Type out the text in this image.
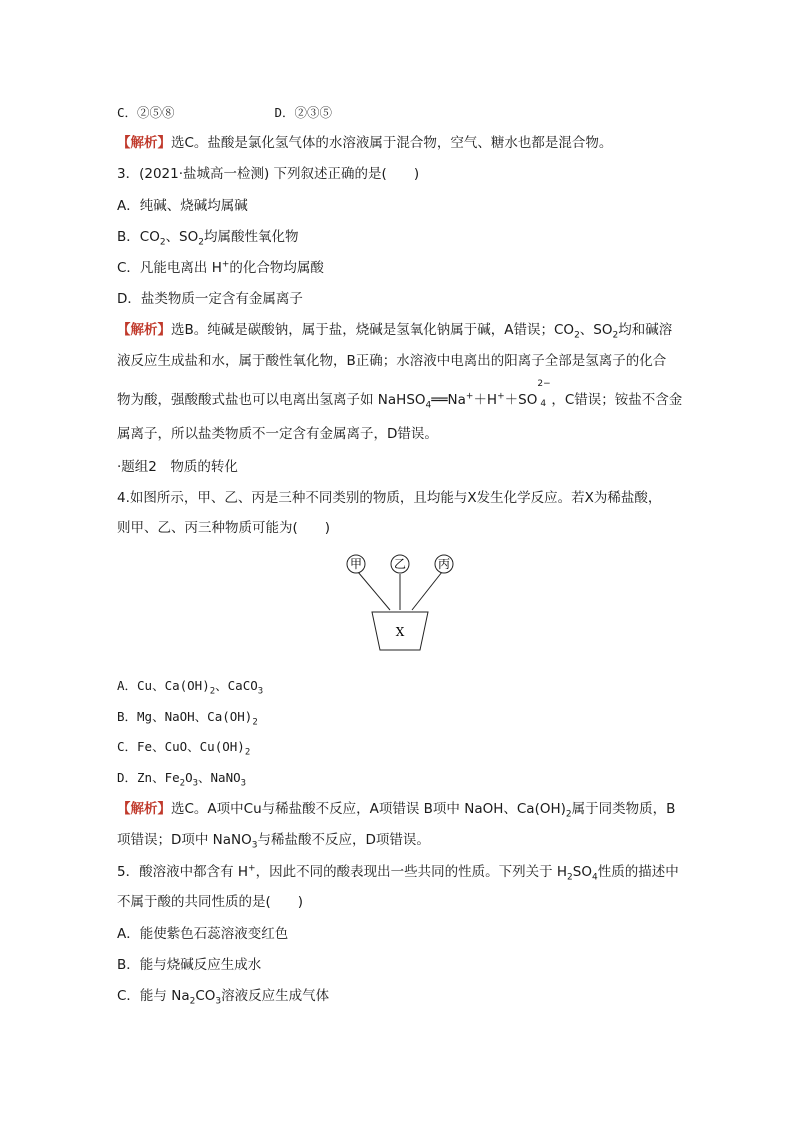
C．②⑤⑧	D．②③⑤
【解析】选C。盐酸是氯化氢气体的水溶液属于混合物，空气、糖水也都是混合物。
3．(2021·盐城高一检测) 下列叙述正确的是(　　)
A．纯碱、烧碱均属碱
B．$CO_2$、$SO_2$均属酸性氧化物
C．凡能电离出 H+的化合物均属酸
D．盐类物质一定含有金属离子
【解析】选B。纯碱是碳酸钠，属于盐，烧碱是氢氧化钠属于碱，A错误；$CO_2$、$SO_2$均和碱溶
液反应生成盐和水，属于酸性氧化物，B正确；水溶液中电离出的阳离子全部是氢离子的化合
物为酸，强酸酸式盐也可以电离出氢离子如 NaHSO$_4$══Na+＋H+＋SO
2−
4 ，C错误；铵盐不含金
属离子，所以盐类物质不一定含有金属离子，D错误。
·题组2　物质的转化
4.如图所示，甲、乙、丙是三种不同类别的物质，且均能与X发生化学反应。若X为稀盐酸，
则甲、乙、丙三种物质可能为(　　)
甲	乙	丙
X
A．Cu、$Ca(OH)_2$、CaCO$_3$
B．Mg、NaOH、$Ca(OH)_2$
C．Fe、CuO、$Cu(OH)_2$
D．Zn、$Fe_2O_3$、NaNO$_3$
【解析】选C。A项中Cu与稀盐酸不反应，A项错误 B项中 NaOH、$Ca(OH)_2$属于同类物质，B
项错误；D项中 NaNO$_3$与稀盐酸不反应，D项错误。
5．酸溶液中都含有 H+，因此不同的酸表现出一些共同的性质。下列关于 $H_2SO_4$性质的描述中
不属于酸的共同性质的是(　　)
A．能使紫色石蕊溶液变红色
B．能与烧碱反应生成水
C．能与 $Na_2CO_3$溶液反应生成气体
